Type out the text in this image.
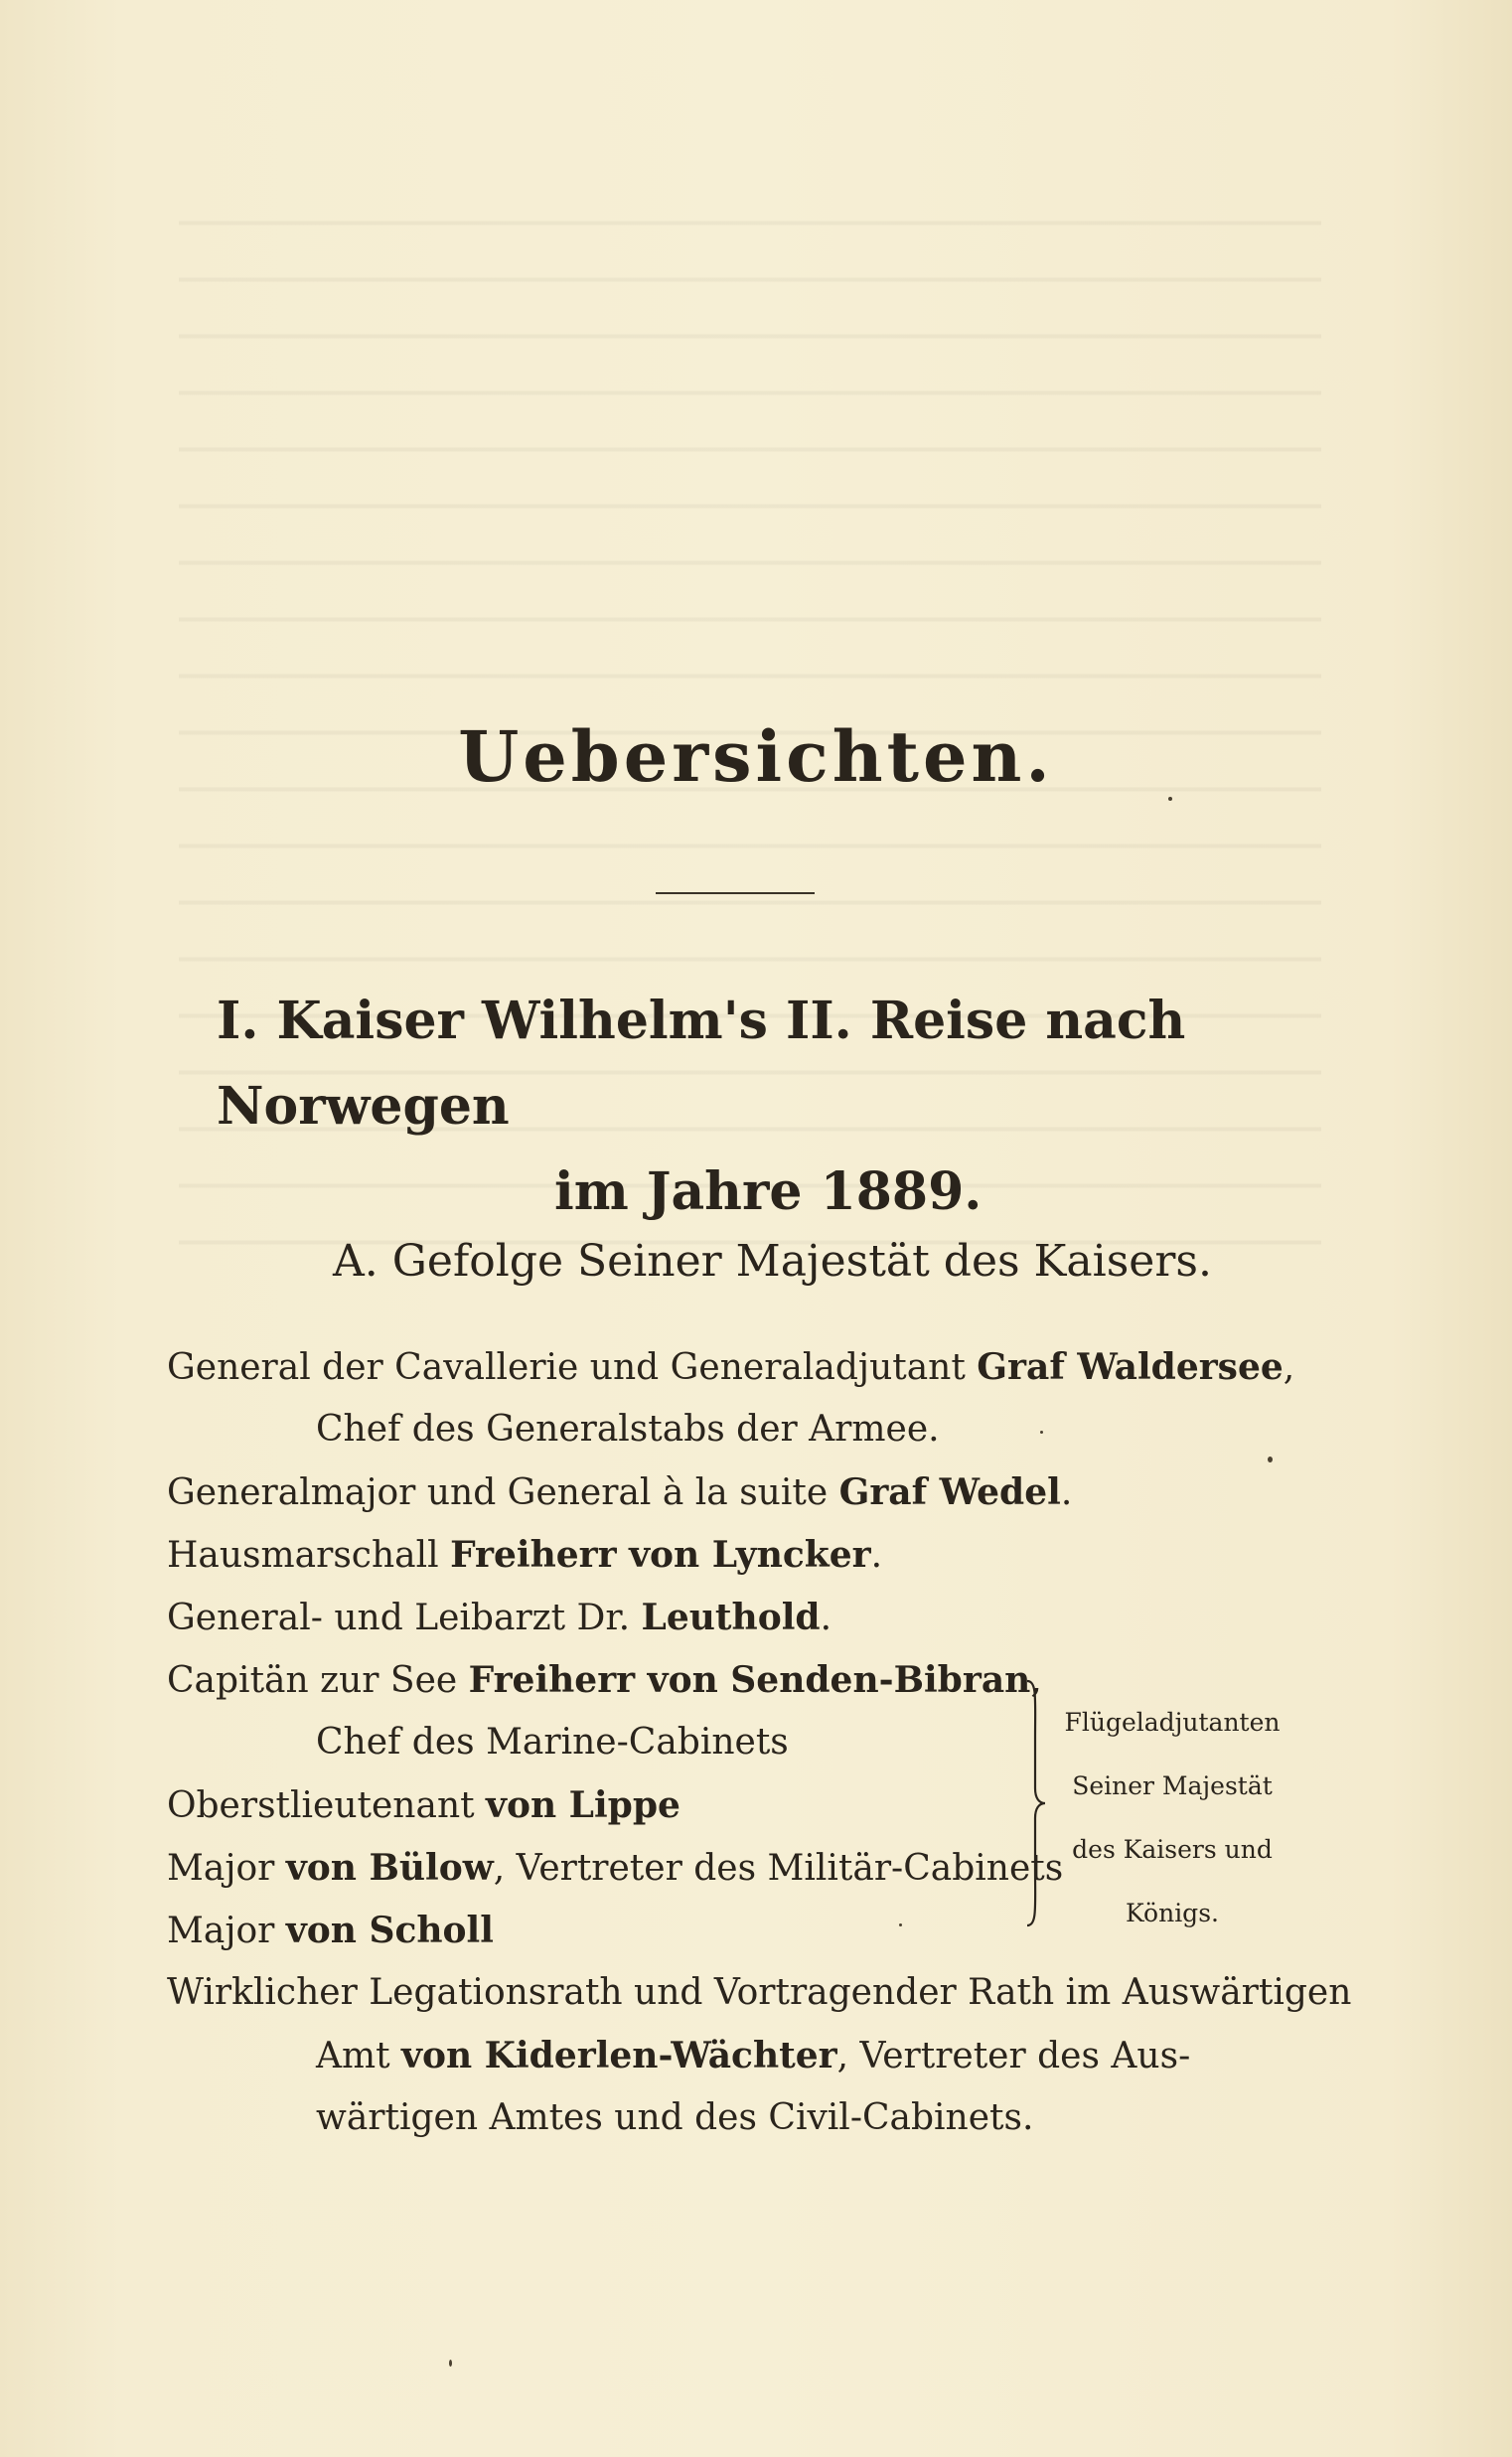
Uebersichten.
I. Kaiser Wilhelm's II. Reise nach Norwegen
im Jahre 1889.
A. Gefolge Seiner Majestät des Kaisers.
General der Cavallerie und Generaladjutant Graf Waldersee,
Chef des Generalstabs der Armee.
Generalmajor und General à la suite Graf Wedel.
Hausmarschall Freiherr von Lyncker.
General- und Leibarzt Dr. Leuthold.
Capitän zur See Freiherr von Senden-Bibran,
Chef des Marine-Cabinets
Oberstlieutenant von Lippe
Major von Bülow, Vertreter des Militär-Cabinets
Major von Scholl
Wirklicher Legationsrath und Vortragender Rath im Auswärtigen
Amt von Kiderlen-Wächter, Vertreter des Aus-
wärtigen Amtes und des Civil-Cabinets.
Flügeladjutanten
Seiner Majestät
des Kaisers und
Königs.
